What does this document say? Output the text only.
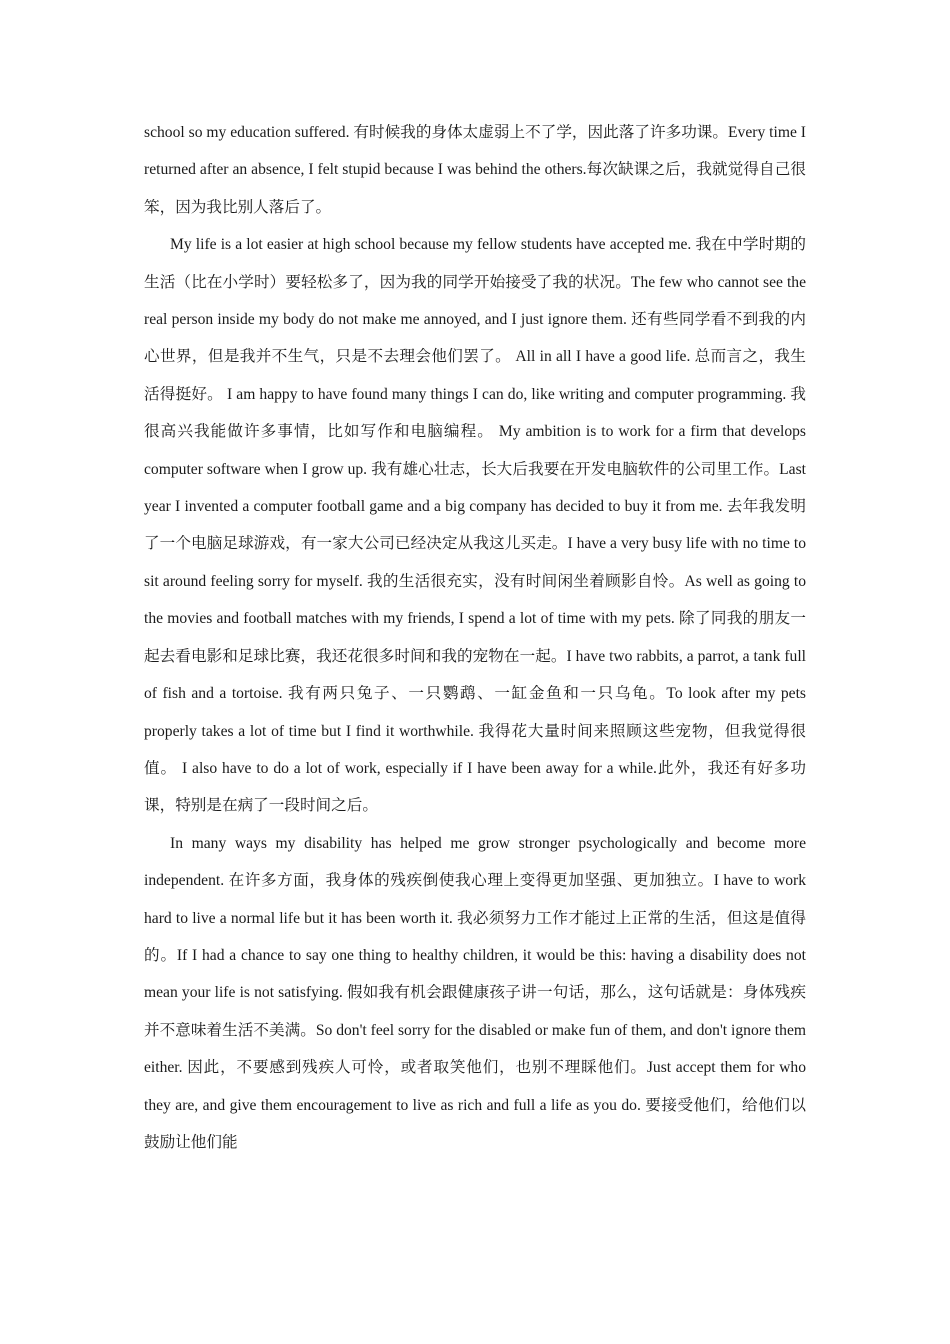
school so my education suffered. 有时候我的身体太虚弱上不了学，因此落了许多功课。Every time I returned after an absence, I felt stupid because I was behind the others.每次缺课之后，我就觉得自己很笨，因为我比别人落后了。

My life is a lot easier at high school because my fellow students have accepted me. 我在中学时期的生活（比在小学时）要轻松多了，因为我的同学开始接受了我的状况。The few who cannot see the real person inside my body do not make me annoyed, and I just ignore them. 还有些同学看不到我的内心世界，但是我并不生气，只是不去理会他们罢了。 All in all I have a good life. 总而言之，我生活得挺好。 I am happy to have found many things I can do, like writing and computer programming. 我很高兴我能做许多事情，比如写作和电脑编程。 My ambition is to work for a firm that develops computer software when I grow up. 我有雄心壮志，长大后我要在开发电脑软件的公司里工作。Last year I invented a computer football game and a big company has decided to buy it from me. 去年我发明了一个电脑足球游戏，有一家大公司已经决定从我这儿买走。I have a very busy life with no time to sit around feeling sorry for myself. 我的生活很充实，没有时间闲坐着顾影自怜。As well as going to the movies and football matches with my friends, I spend a lot of time with my pets. 除了同我的朋友一起去看电影和足球比赛，我还花很多时间和我的宠物在一起。I have two rabbits, a parrot, a tank full of fish and a tortoise. 我有两只兔子、一只鹦鹉、一缸金鱼和一只乌龟。To look after my pets properly takes a lot of time but I find it worthwhile. 我得花大量时间来照顾这些宠物，但我觉得很值。 I also have to do a lot of work, especially if I have been away for a while.此外，我还有好多功课，特别是在病了一段时间之后。

In many ways my disability has helped me grow stronger psychologically and become more independent. 在许多方面，我身体的残疾倒使我心理上变得更加坚强、更加独立。I have to work hard to live a normal life but it has been worth it. 我必须努力工作才能过上正常的生活，但这是值得的。If I had a chance to say one thing to healthy children, it would be this: having a disability does not mean your life is not satisfying. 假如我有机会跟健康孩子讲一句话，那么，这句话就是：身体残疾并不意味着生活不美满。So don't feel sorry for the disabled or make fun of them, and don't ignore them either. 因此，不要感到残疾人可怜，或者取笑他们，也别不理睬他们。Just accept them for who they are, and give them encouragement to live as rich and full a life as you do. 要接受他们，给他们以鼓励让他们能
